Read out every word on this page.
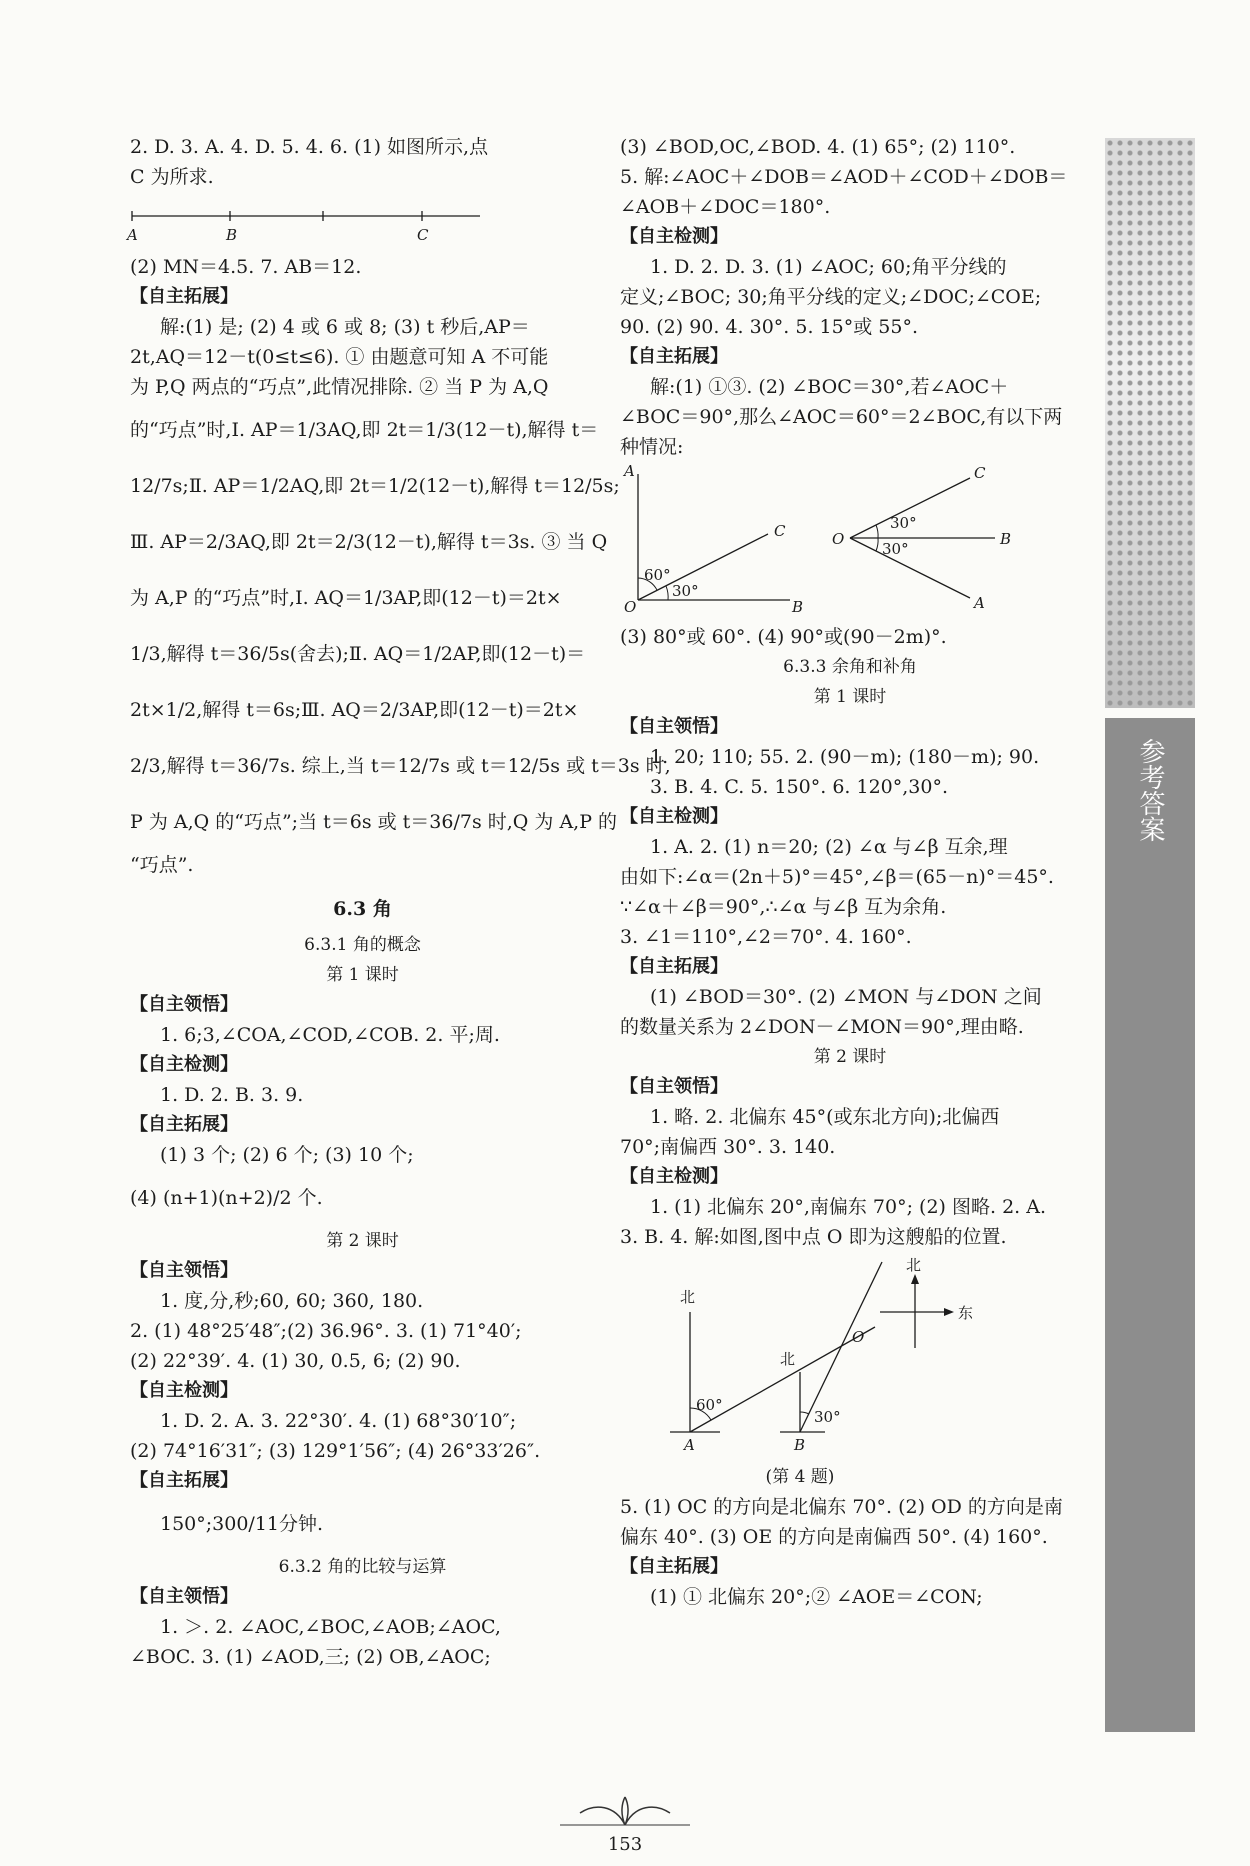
参考答案
2. D. 3. A. 4. D. 5. 4. 6. (1) 如图所示,点
C 为所求.
A	B	C
(2) MN＝4.5. 7. AB＝12.
【自主拓展】
解:(1) 是; (2) 4 或 6 或 8; (3) t 秒后,AP＝
2t,AQ＝12－t(0≤t≤6). ① 由题意可知 A 不可能
为 P,Q 两点的“巧点”,此情况排除. ② 当 P 为 A,Q
的“巧点”时,Ⅰ. AP＝1/3AQ,即 2t＝1/3(12－t),解得 t＝
12/7s;Ⅱ. AP＝1/2AQ,即 2t＝1/2(12－t),解得 t＝12/5s;
Ⅲ. AP＝2/3AQ,即 2t＝2/3(12－t),解得 t＝3s. ③ 当 Q
为 A,P 的“巧点”时,Ⅰ. AQ＝1/3AP,即(12－t)＝2t×
1/3,解得 t＝36/5s(舍去);Ⅱ. AQ＝1/2AP,即(12－t)＝
2t×1/2,解得 t＝6s;Ⅲ. AQ＝2/3AP,即(12－t)＝2t×
2/3,解得 t＝36/7s. 综上,当 t＝12/7s 或 t＝12/5s 或 t＝3s 时,
P 为 A,Q 的“巧点”;当 t＝6s 或 t＝36/7s 时,Q 为 A,P 的
“巧点”.
6.3 角
6.3.1 角的概念
第 1 课时
【自主领悟】
1. 6;3,∠COA,∠COD,∠COB. 2. 平;周.
【自主检测】
1. D. 2. B. 3. 9.
【自主拓展】
(1) 3 个; (2) 6 个; (3) 10 个;
(4) (n+1)(n+2)/2 个.
第 2 课时
【自主领悟】
1. 度,分,秒;60, 60; 360, 180.
2. (1) 48°25′48″;(2) 36.96°. 3. (1) 71°40′;
(2) 22°39′. 4. (1) 30, 0.5, 6; (2) 90.
【自主检测】
1. D. 2. A. 3. 22°30′. 4. (1) 68°30′10″;
(2) 74°16′31″; (3) 129°1′56″; (4) 26°33′26″.
【自主拓展】
150°;300/11分钟.
6.3.2 角的比较与运算
【自主领悟】
1. ＞. 2. ∠AOC,∠BOC,∠AOB;∠AOC,
∠BOC. 3. (1) ∠AOD,三; (2) OB,∠AOC;
(3) ∠BOD,OC,∠BOD. 4. (1) 65°; (2) 110°.
5. 解:∠AOC＋∠DOB＝∠AOD＋∠COD＋∠DOB＝
∠AOB＋∠DOC＝180°.
【自主检测】
1. D. 2. D. 3. (1) ∠AOC; 60;角平分线的
定义;∠BOC; 30;角平分线的定义;∠DOC;∠COE;
90. (2) 90. 4. 30°. 5. 15°或 55°.
【自主拓展】
解:(1) ①③. (2) ∠BOC＝30°,若∠AOC＋
∠BOC＝90°,那么∠AOC＝60°＝2∠BOC,有以下两
种情况:
A
C
O	B
60°
30°
C
O	B
A
30°
30°
(3) 80°或 60°. (4) 90°或(90－2m)°.
6.3.3 余角和补角
第 1 课时
【自主领悟】
1. 20; 110; 55. 2. (90－m); (180－m); 90.
3. B. 4. C. 5. 150°. 6. 120°,30°.
【自主检测】
1. A. 2. (1) n＝20; (2) ∠α 与∠β 互余,理
由如下:∠α＝(2n＋5)°＝45°,∠β＝(65－n)°＝45°.
∵∠α＋∠β＝90°,∴∠α 与∠β 互为余角.
3. ∠1＝110°,∠2＝70°. 4. 160°.
【自主拓展】
(1) ∠BOD＝30°. (2) ∠MON 与∠DON 之间
的数量关系为 2∠DON－∠MON＝90°,理由略.
第 2 课时
【自主领悟】
1. 略. 2. 北偏东 45°(或东北方向);北偏西
70°;南偏西 30°. 3. 140.
【自主检测】
1. (1) 北偏东 20°,南偏东 70°; (2) 图略. 2. A.
3. B. 4. 解:如图,图中点 O 即为这艘船的位置.
北
东
北
60°
A
北
30°
B
O
(第 4 题)
5. (1) OC 的方向是北偏东 70°. (2) OD 的方向是南
偏东 40°. (3) OE 的方向是南偏西 50°. (4) 160°.
【自主拓展】
(1) ① 北偏东 20°;② ∠AOE＝∠CON;
153
